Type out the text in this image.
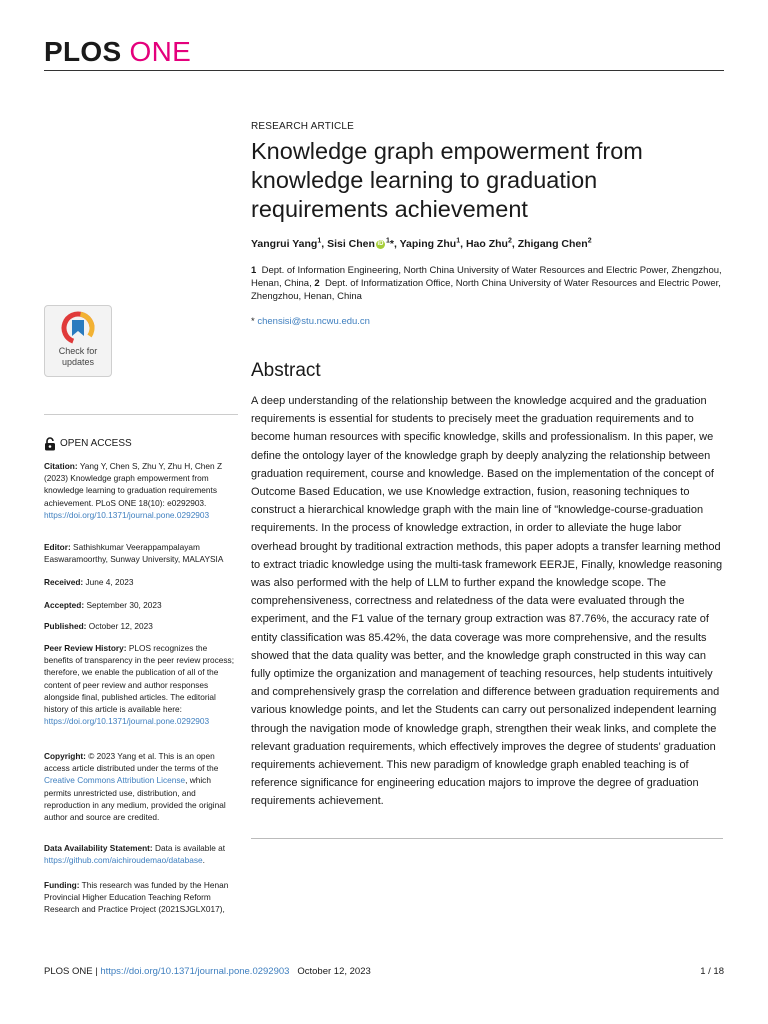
PLOS ONE
RESEARCH ARTICLE
Knowledge graph empowerment from knowledge learning to graduation requirements achievement
Yangrui Yang$^1$, Sisi Chen iD $^1$*, Yaping Zhu$^1$, Hao Zhu$^2$, Zhigang Chen$^2$
1 Dept. of Information Engineering, North China University of Water Resources and Electric Power, Zhengzhou, Henan, China, 2 Dept. of Informatization Office, North China University of Water Resources and Electric Power, Zhengzhou, Henan, China
* chensisi@stu.ncwu.edu.cn
Abstract

A deep understanding of the relationship between the knowledge acquired and the graduation requirements is essential for students to precisely meet the graduation requirements and to become human resources with specific knowledge, skills and professionalism. In this paper, we define the ontology layer of the knowledge graph by deeply analyzing the relationship between graduation requirement, course and knowledge. Based on the implementation of the concept of Outcome Based Education, we use Knowledge extraction, fusion, reasoning techniques to construct a hierarchical knowledge graph with the main line of "knowledge-course-graduation requirements. In the process of knowledge extraction, in order to alleviate the huge labor overhead brought by traditional extraction methods, this paper adopts a transfer learning method to extract triadic knowledge using the multi-task framework EERJE, Finally, knowledge reasoning was also performed with the help of LLM to further expand the knowledge scope. The comprehensiveness, correctness and relatedness of the data were evaluated through the experiment, and the F1 value of the ternary group extraction was 87.76%, the accuracy rate of entity classification was 85.42%, the data coverage was more comprehensive, and the results showed that the data quality was better, and the knowledge graph constructed in this way can fully optimize the organization and management of teaching resources, help students intuitively and comprehensively grasp the correlation and difference between graduation requirements and various knowledge points, and let the Students can carry out personalized independent learning through the navigation mode of knowledge graph, strengthen their weak links, and complete the relevant graduation requirements, which effectively improves the degree of students' graduation requirements achievement. This new paradigm of knowledge graph enabled teaching is of reference significance for engineering education majors to improve the degree of graduation requirements achievement.

Check for
updates
OPEN ACCESS
Citation: Yang Y, Chen S, Zhu Y, Zhu H, Chen Z (2023) Knowledge graph empowerment from knowledge learning to graduation requirements achievement. PLoS ONE 18(10): e0292903. https://doi.org/10.1371/journal.pone.0292903
Editor: Sathishkumar Veerappampalayam Easwaramoorthy, Sunway University, MALAYSIA
Received: June 4, 2023
Accepted: September 30, 2023
Published: October 12, 2023
Peer Review History: PLOS recognizes the benefits of transparency in the peer review process; therefore, we enable the publication of all of the content of peer review and author responses alongside final, published articles. The editorial history of this article is available here: https://doi.org/10.1371/journal.pone.0292903
Copyright: © 2023 Yang et al. This is an open access article distributed under the terms of the Creative Commons Attribution License, which permits unrestricted use, distribution, and reproduction in any medium, provided the original author and source are credited.
Data Availability Statement: Data is available at https://github.com/aichiroudemao/database.
Funding: This research was funded by the Henan Provincial Higher Education Teaching Reform Research and Practice Project (2021SJGLX017),
PLOS ONE | https://doi.org/10.1371/journal.pone.0292903 October 12, 2023	1 / 18
